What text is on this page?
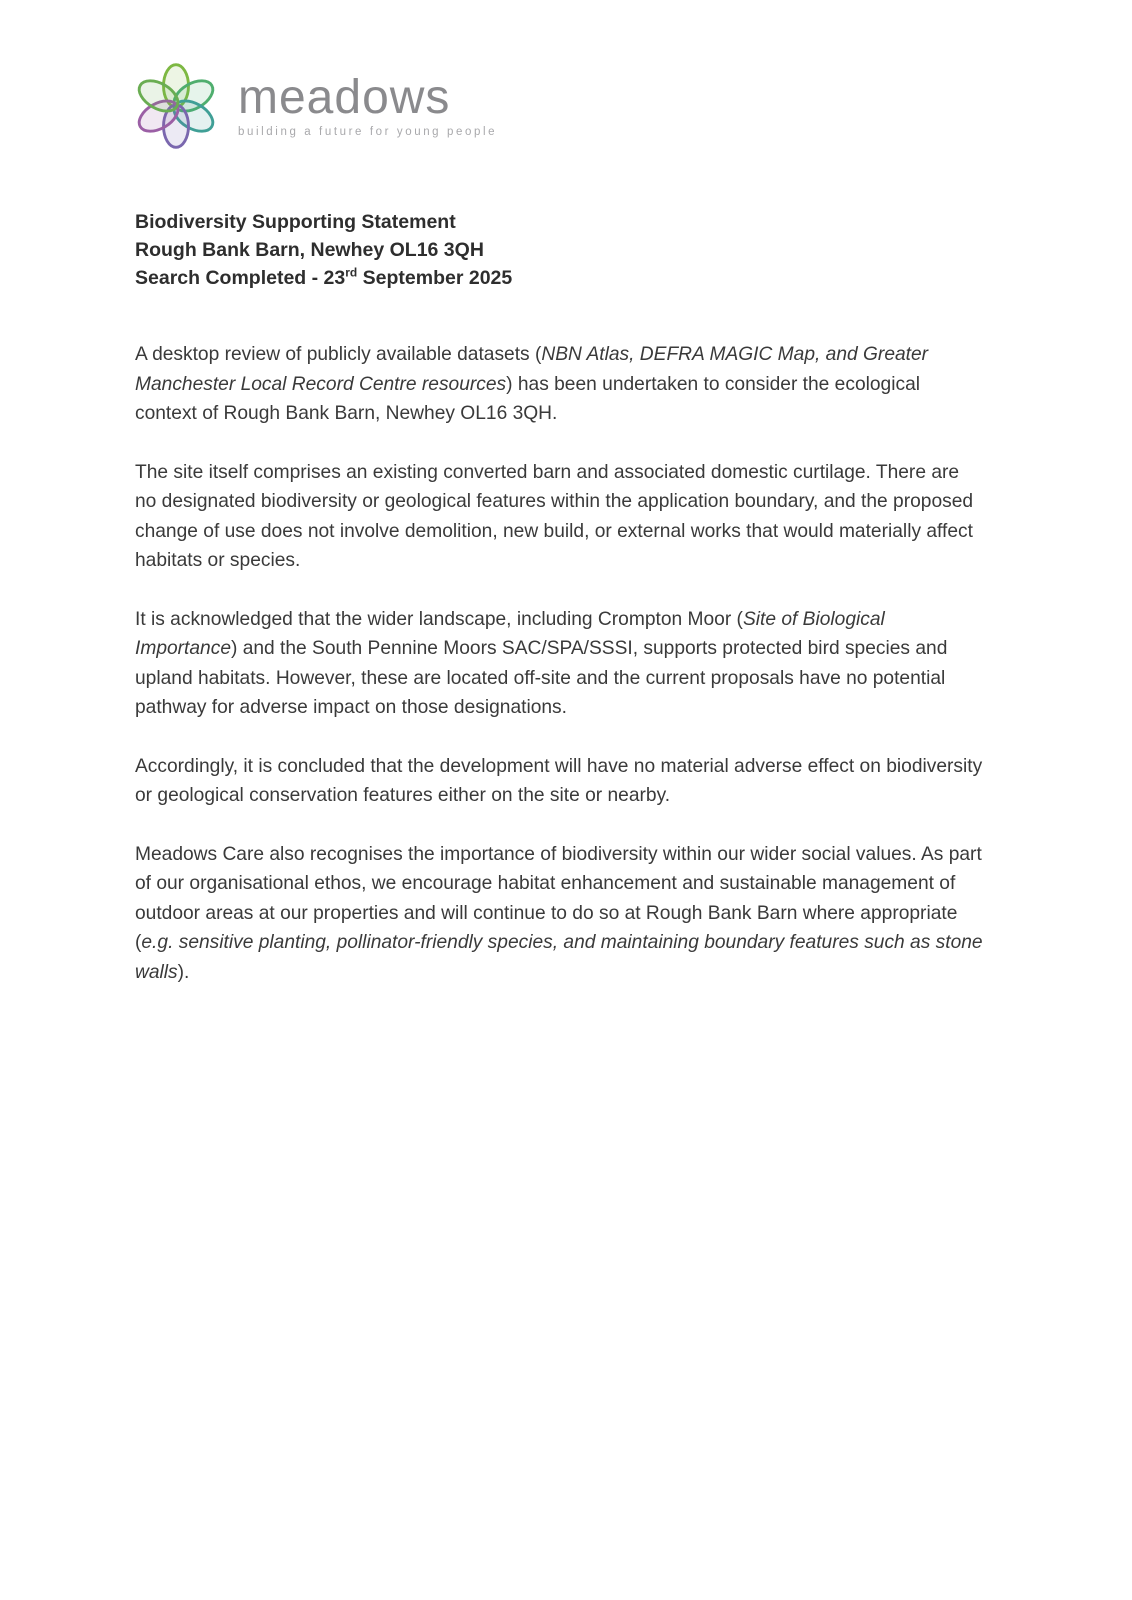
meadows
building a future for young people
Biodiversity Supporting Statement
Rough Bank Barn, Newhey OL16 3QH
Search Completed - 23rd September 2025

A desktop review of publicly available datasets (NBN Atlas, DEFRA MAGIC Map, and Greater Manchester Local Record Centre resources) has been undertaken to consider the ecological context of Rough Bank Barn, Newhey OL16 3QH.

The site itself comprises an existing converted barn and associated domestic curtilage. There are no designated biodiversity or geological features within the application boundary, and the proposed change of use does not involve demolition, new build, or external works that would materially affect habitats or species.

It is acknowledged that the wider landscape, including Crompton Moor (Site of Biological Importance) and the South Pennine Moors SAC/SPA/SSSI, supports protected bird species and upland habitats. However, these are located off-site and the current proposals have no potential pathway for adverse impact on those designations.

Accordingly, it is concluded that the development will have no material adverse effect on biodiversity or geological conservation features either on the site or nearby.

Meadows Care also recognises the importance of biodiversity within our wider social values. As part of our organisational ethos, we encourage habitat enhancement and sustainable management of outdoor areas at our properties and will continue to do so at Rough Bank Barn where appropriate (e.g. sensitive planting, pollinator-friendly species, and maintaining boundary features such as stone walls).
